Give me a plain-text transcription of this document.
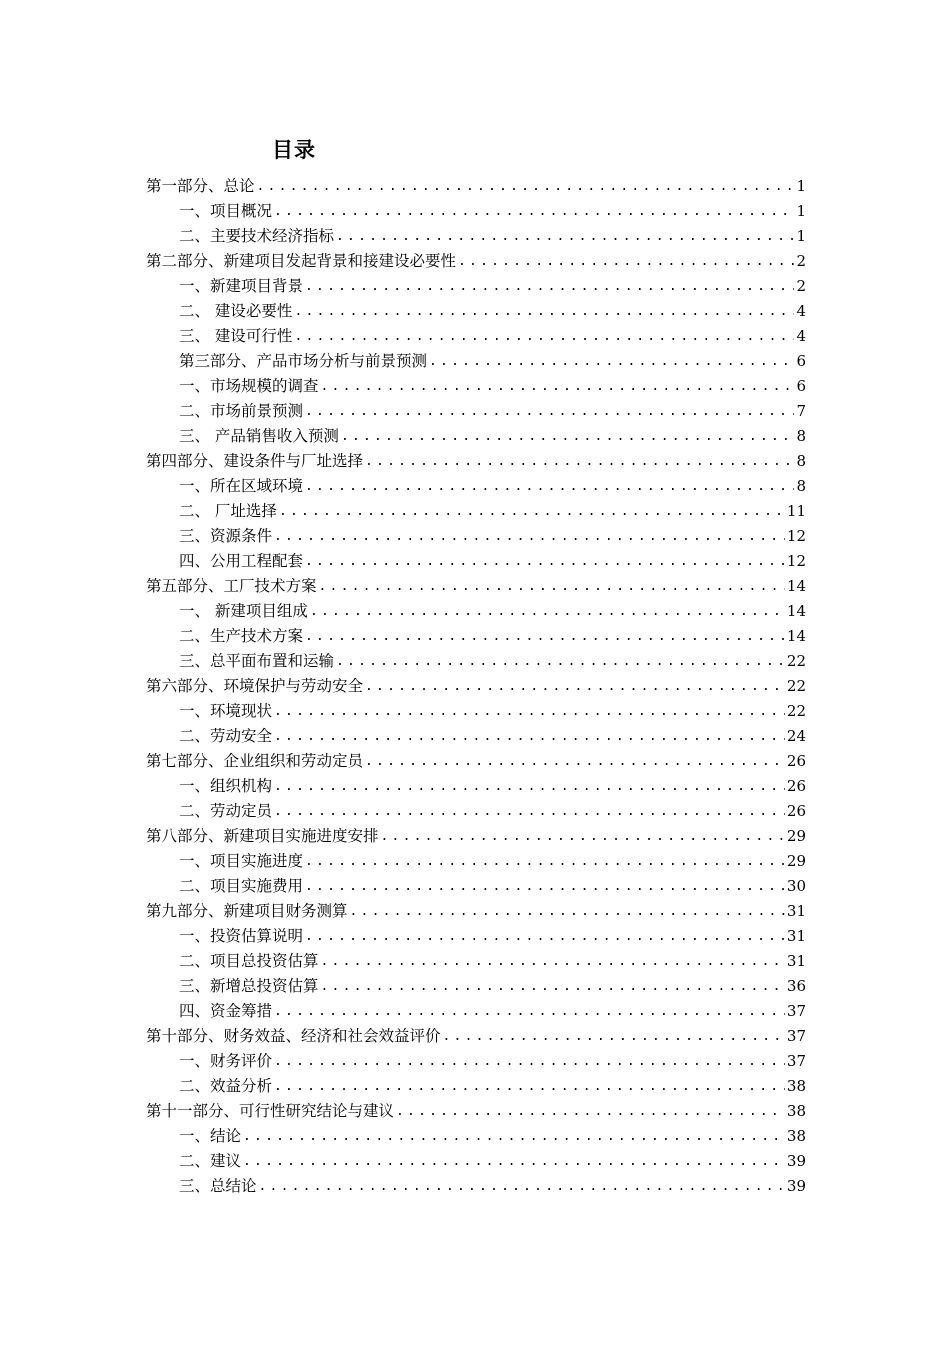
目录
第一部分、总论 .....	1
一、项目概况 .....	1
二、主要技术经济指标 .....	1
第二部分、新建项目发起背景和接建设必要性 .....	2
一、新建项目背景 .....	2
二、 建设必要性 .....	4
三、 建设可行性 .....	4
第三部分、产品市场分析与前景预测 .....	6
一、市场规模的调查 .....	6
二、市场前景预测 .....	7
三、 产品销售收入预测 .....	8
第四部分、建设条件与厂址选择 .....	8
一、所在区域环境 .....	8
二、 厂址选择 .....	11
三、资源条件 .....	12
四、公用工程配套 .....	12
第五部分、工厂技术方案 .....	14
一、 新建项目组成 .....	14
二、生产技术方案 .....	14
三、总平面布置和运输 .....	22
第六部分、环境保护与劳动安全 .....	22
一、环境现状 .....	22
二、劳动安全 .....	24
第七部分、企业组织和劳动定员 .....	26
一、组织机构 .....	26
二、劳动定员 .....	26
第八部分、新建项目实施进度安排 .....	29
一、项目实施进度 .....	29
二、项目实施费用 .....	30
第九部分、新建项目财务测算 .....	31
一、投资估算说明 .....	31
二、项目总投资估算 .....	31
三、新增总投资估算 .....	36
四、资金筹措 .....	37
第十部分、财务效益、经济和社会效益评价 .....	37
一、财务评价 .....	37
二、效益分析 .....	38
第十一部分、可行性研究结论与建议 .....	38
一、结论 .....	38
二、建议 .....	39
三、总结论 .....	39
